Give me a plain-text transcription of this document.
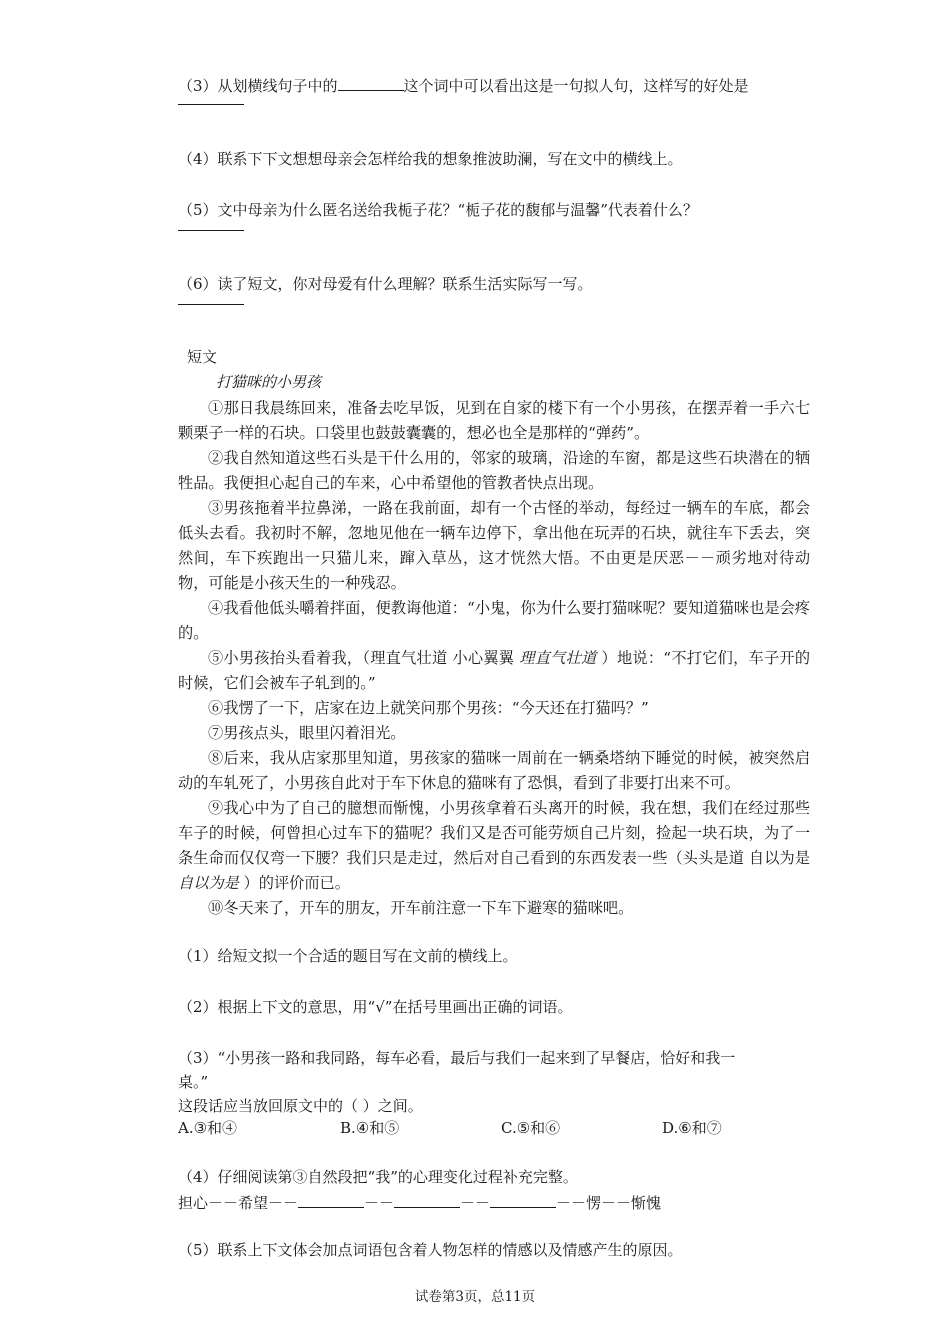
（3）从划横线句子中的	这个词中可以看出这是一句拟人句，这样写的好处是
（4）联系下下文想想母亲会怎样给我的想象推波助澜，写在文中的横线上。
（5）文中母亲为什么匿名送给我栀子花？“栀子花的馥郁与温馨”代表着什么？
（6）读了短文，你对母爱有什么理解？联系生活实际写一写。
短文
打猫咪的小男孩

①那日我晨练回来，准备去吃早饭，见到在自家的楼下有一个小男孩，在摆弄着一手六七颗栗子一样的石块。口袋里也鼓鼓囊囊的，想必也全是那样的“弹药”。

②我自然知道这些石头是干什么用的，邻家的玻璃，沿途的车窗，都是这些石块潜在的牺牲品。我便担心起自己的车来，心中希望他的管教者快点出现。

③男孩拖着半拉鼻涕，一路在我前面，却有一个古怪的举动，每经过一辆车的车底，都会低头去看。我初时不解，忽地见他在一辆车边停下，拿出他在玩弄的石块，就往车下丢去，突然间，车下疾跑出一只猫儿来，蹿入草丛，这才恍然大悟。不由更是厌恶－－顽劣地对待动物，可能是小孩天生的一种残忍。

④我看他低头嚼着拌面，便教诲他道：“小鬼，你为什么要打猫咪呢？要知道猫咪也是会疼的。

⑤小男孩抬头看着我，（理直气壮道 小心翼翼 理直气壮道 ）地说：“不打它们，车子开的时候，它们会被车子轧到的。”

⑥我愣了一下，店家在边上就笑问那个男孩：“今天还在打猫吗？”

⑦男孩点头，眼里闪着泪光。

⑧后来，我从店家那里知道，男孩家的猫咪一周前在一辆桑塔纳下睡觉的时候，被突然启动的车轧死了，小男孩自此对于车下休息的猫咪有了恐惧，看到了非要打出来不可。

⑨我心中为了自己的臆想而惭愧，小男孩拿着石头离开的时候，我在想，我们在经过那些车子的时候，何曾担心过车下的猫呢？我们又是否可能劳烦自己片刻，捡起一块石块，为了一条生命而仅仅弯一下腰？我们只是走过，然后对自己看到的东西发表一些（头头是道 自以为是 自以为是 ）的评价而已。

⑩冬天来了，开车的朋友，开车前注意一下车下避寒的猫咪吧。

（1）给短文拟一个合适的题目写在文前的横线上。
（2）根据上下文的意思，用“√”在括号里画出正确的词语。
（3）“小男孩一路和我同路，每车必看，最后与我们一起来到了早餐店，恰好和我一
桌。”
这段话应当放回原文中的（ ）之间。
A.③和④	B.④和⑤	C.⑤和⑥	D.⑥和⑦
（4）仔细阅读第③自然段把“我”的心理变化过程补充完整。
担心－－希望－－	－－	－－	－－愣－－惭愧
（5）联系上下文体会加点词语包含着人物怎样的情感以及情感产生的原因。
试卷第3页，总11页
